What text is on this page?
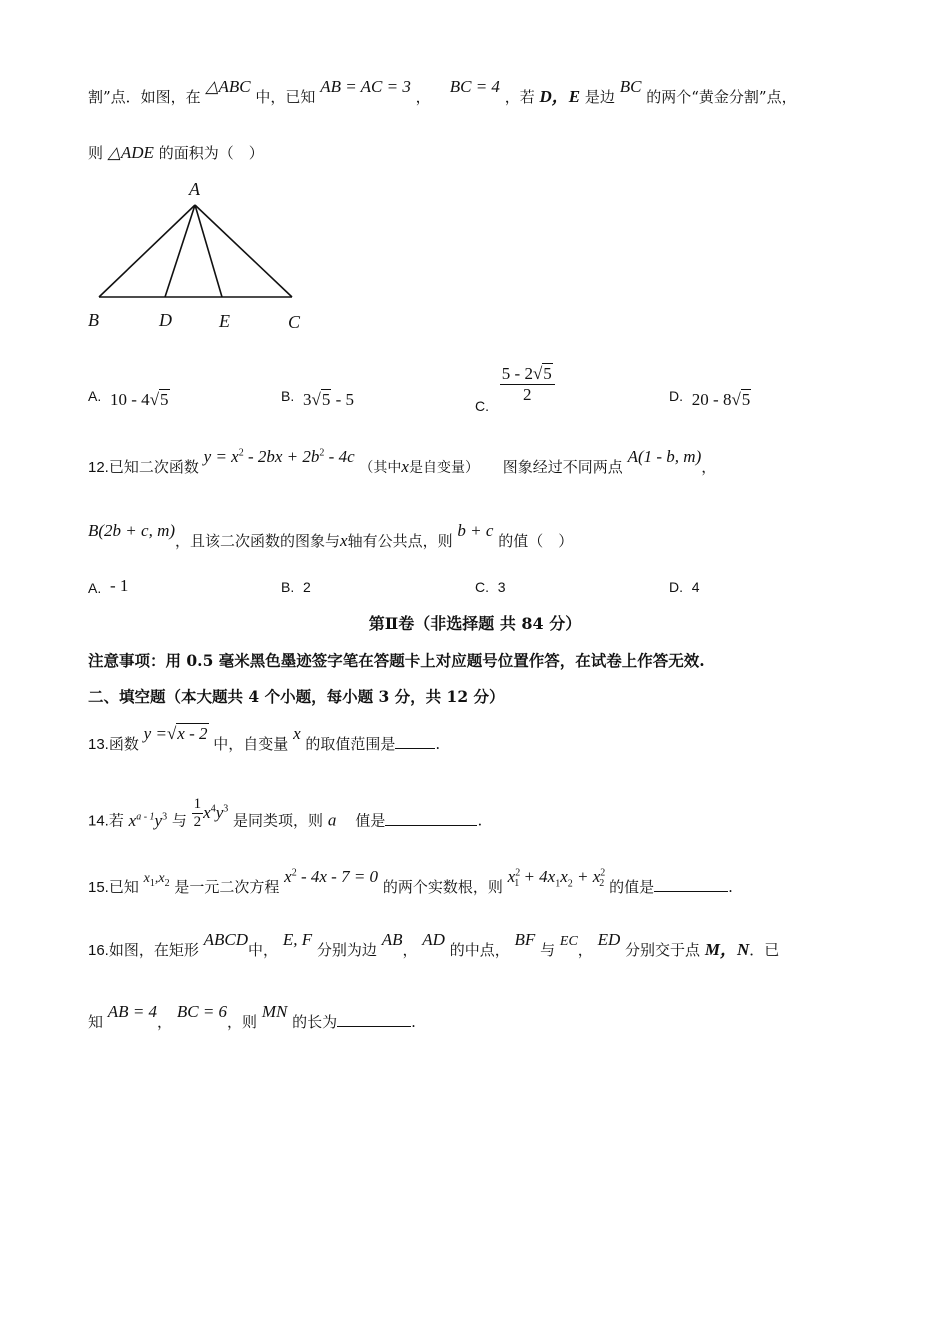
割”点．如图，在 △ABC 中，已知 AB = AC = 3 ，    BC = 4 ，若 D，E 是边 BC 的两个“黄金分割”点，
则 △ADE 的面积为（　）
A
B	D	E	C
A. 10 - 4√5	B. 3√5 - 5	C.
$\frac{5 - 2√5}{2}$	D. 20 - 8√5
12.已知二次函数 $y = x^2 - 2bx + 2b^2 - 4c$ （其中x是自变量） 图象经过不同两点 A(1 - b, m)，
B(2b + c, m)，且该二次函数的图象与x轴有公共点，则 b + c 的值（　）
A. - 1	B. 2	C. 3	D. 4
第Ⅱ卷（非选择题 共 84 分）
注意事项：用 0.5 毫米黑色墨迹签字笔在答题卡上对应题号位置作答，在试卷上作答无效.
二、填空题（本大题共 4 个小题，每小题 3 分，共 12 分）
13.函数 y =√x - 2 中，自变量 x 的取值范围是	.
14.若 $x^{a - 1}y^3$ 与 $\frac{1}{2} x^4y^3$ 是同类项，则 a 值是	.
15.已知 $x_1,x_2$ 是一元二次方程 $x^2 - 4x - 7 = 0$ 的两个实数根，则 $x^2_1 + 4x_1x_2 + x^2_2$ 的值是	.
16.如图，在矩形 ABCD中， E, F 分别为边 AB， AD 的中点， BF 与 EC， ED 分别交于点 M，N．已
知 AB = 4， BC = 6，则 MN 的长为	.
